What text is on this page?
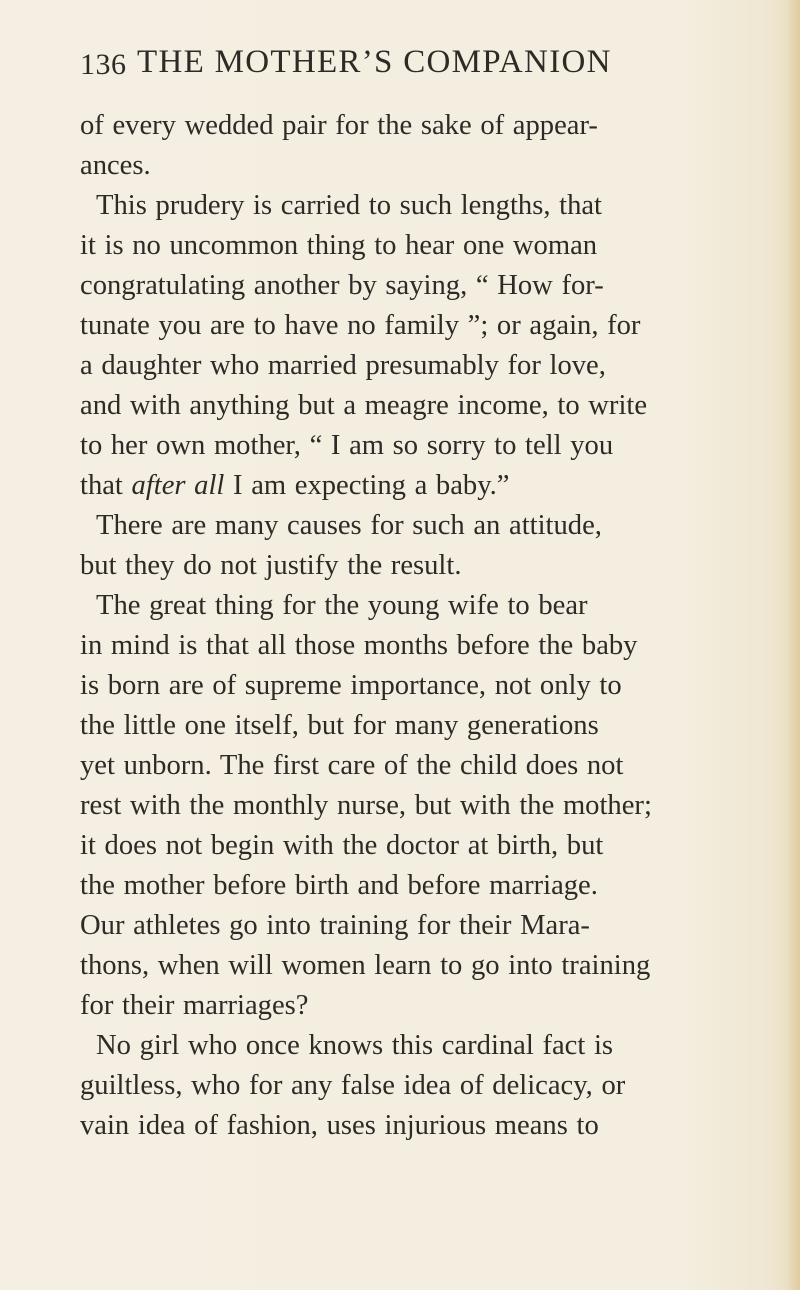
136 THE MOTHER’S COMPANION
of every wedded pair for the sake of appear-
ances.
This prudery is carried to such lengths, that
it is no uncommon thing to hear one woman
congratulating another by saying, “ How for-
tunate you are to have no family ”; or again, for
a daughter who married presumably for love,
and with anything but a meagre income, to write
to her own mother, “ I am so sorry to tell you
that after all I am expecting a baby.”
There are many causes for such an attitude,
but they do not justify the result.
The great thing for the young wife to bear
in mind is that all those months before the baby
is born are of supreme importance, not only to
the little one itself, but for many generations
yet unborn. The first care of the child does not
rest with the monthly nurse, but with the mother;
it does not begin with the doctor at birth, but
the mother before birth and before marriage.
Our athletes go into training for their Mara-
thons, when will women learn to go into training
for their marriages?
No girl who once knows this cardinal fact is
guiltless, who for any false idea of delicacy, or
vain idea of fashion, uses injurious means to
